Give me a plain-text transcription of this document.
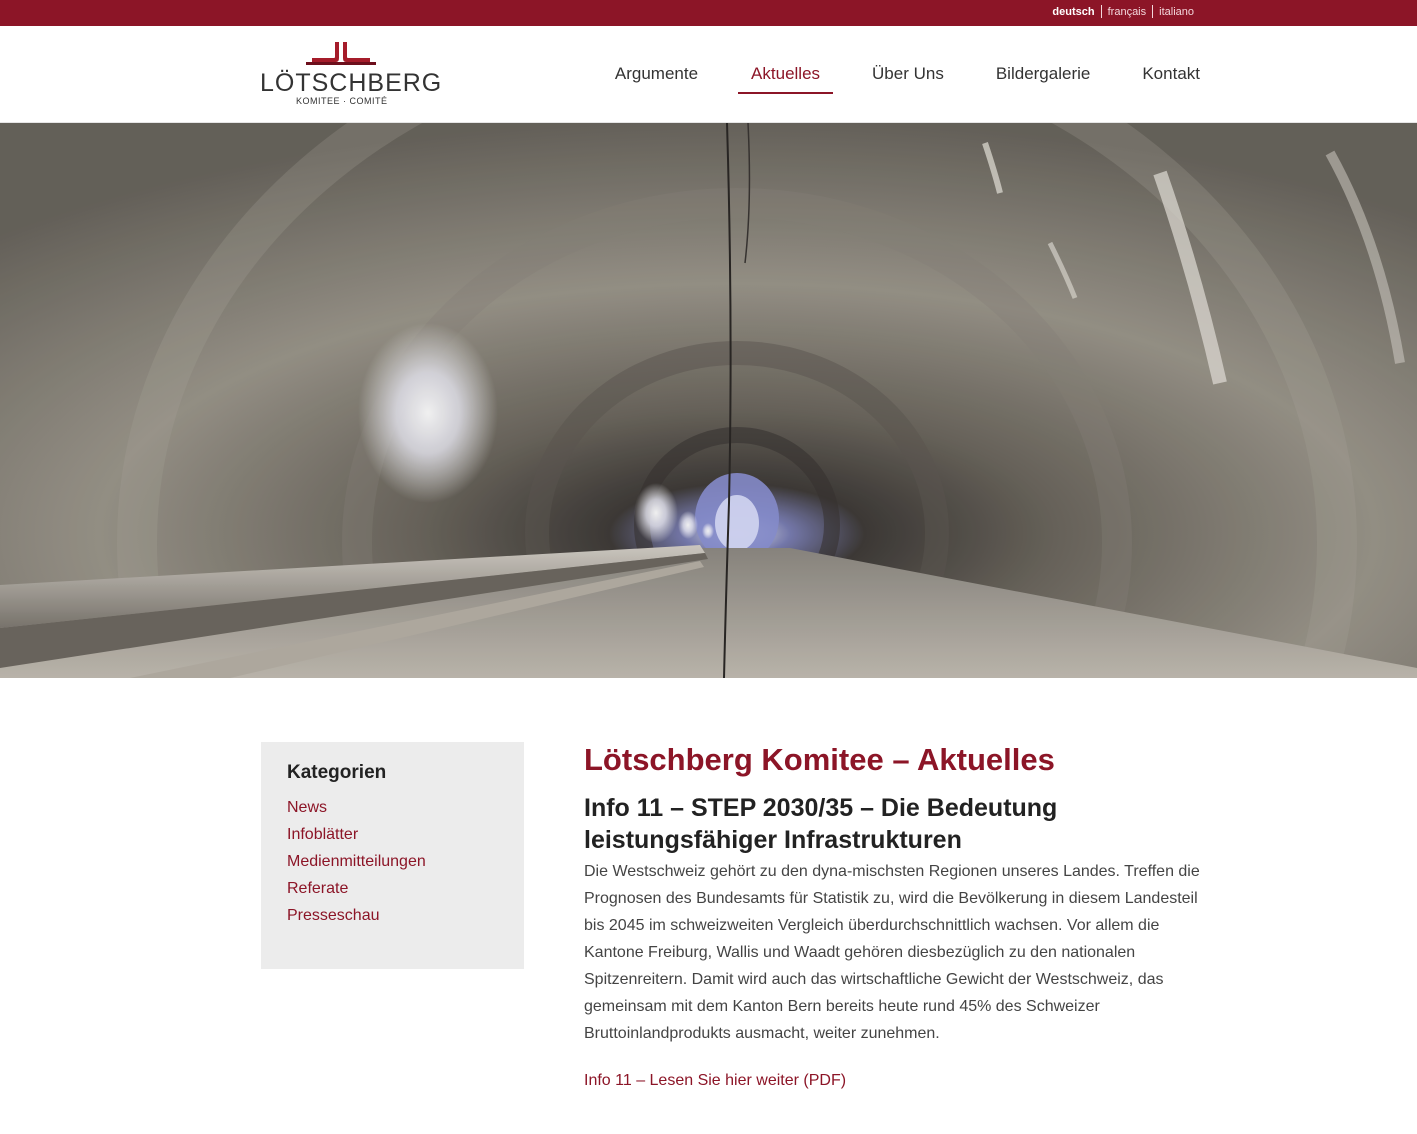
deutsch	français	italiano
LÖTSCHBERG
KOMITEE · COMITÉ
Argumente	Aktuelles	Über Uns	Bildergalerie	Kontakt
Kategorien
News
Infoblätter
Medienmitteilungen
Referate
Presseschau
Lötschberg Komitee – Aktuelles
Info 11 – STEP 2030/35 – Die Bedeutung leistungsfähiger Infrastrukturen

Die Westschweiz gehört zu den dyna-mischsten Regionen unseres Landes. Treffen die Prognosen des Bundesamts für Statistik zu, wird die Bevölkerung in diesem Landesteil bis 2045 im schweizweiten Vergleich überdurchschnittlich wachsen. Vor allem die Kantone Freiburg, Wallis und Waadt gehören diesbezüglich zu den nationalen Spitzenreitern. Damit wird auch das wirtschaftliche Gewicht der Westschweiz, das gemeinsam mit dem Kanton Bern bereits heute rund 45% des Schweizer Bruttoinlandprodukts ausmacht, weiter zunehmen.

Info 11 – Lesen Sie hier weiter (PDF)
